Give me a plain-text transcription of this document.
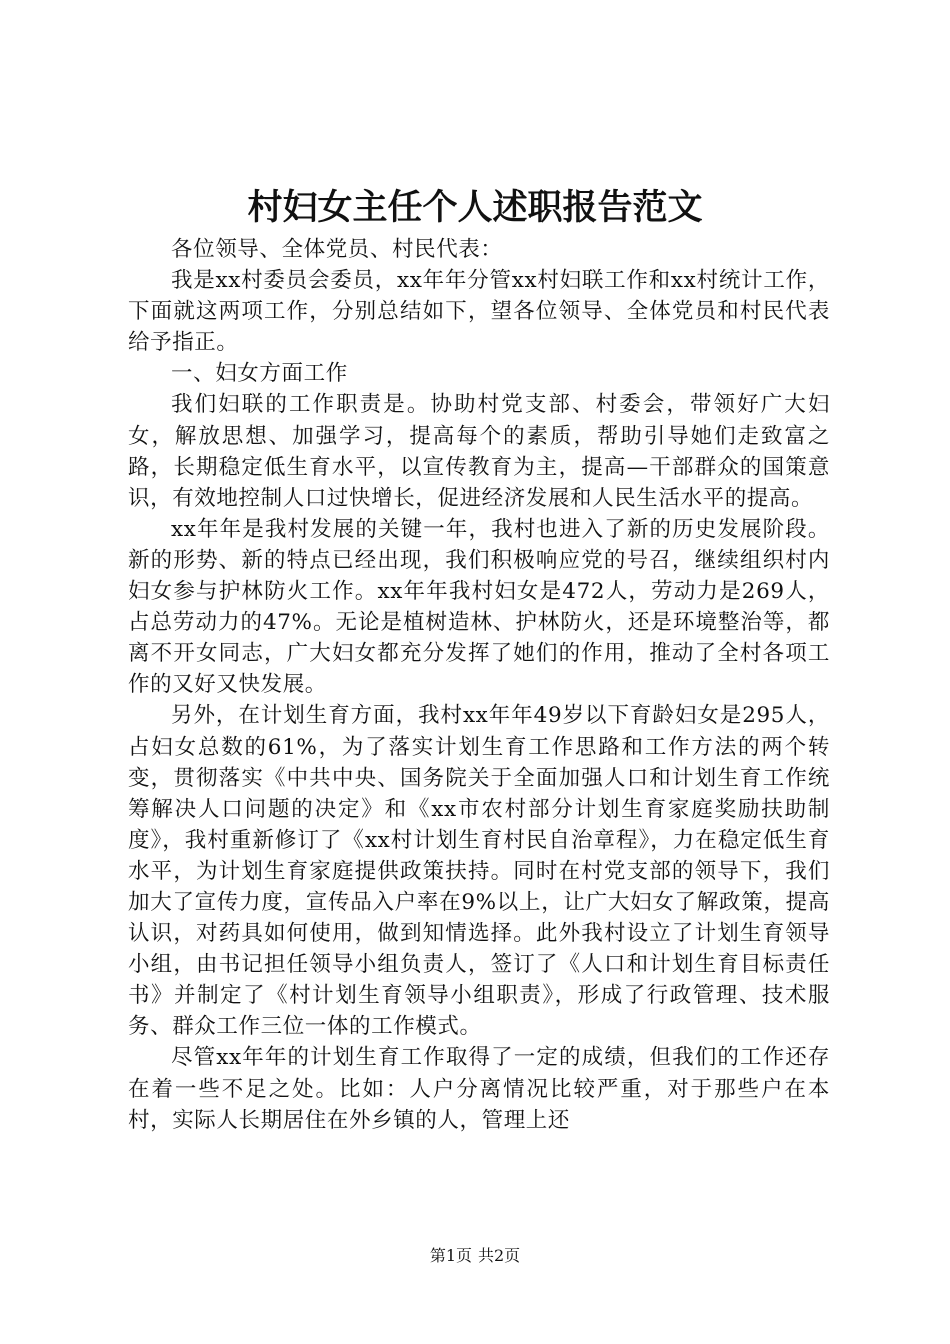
村妇女主任个人述职报告范文

各位领导、全体党员、村民代表：

我是xx村委员会委员，xx年年分管xx村妇联工作和xx村统计工作，下面就这两项工作，分别总结如下，望各位领导、全体党员和村民代表给予指正。

一、妇女方面工作

我们妇联的工作职责是。协助村党支部、村委会，带领好广大妇女，解放思想、加强学习，提高每个的素质，帮助引导她们走致富之路，长期稳定低生育水平，以宣传教育为主，提高—干部群众的国策意识，有效地控制人口过快增长，促进经济发展和人民生活水平的提高。

xx年年是我村发展的关键一年，我村也进入了新的历史发展阶段。新的形势、新的特点已经出现，我们积极响应党的号召，继续组织村内妇女参与护林防火工作。xx年年我村妇女是472人，劳动力是269人，占总劳动力的47%。无论是植树造林、护林防火，还是环境整治等，都离不开女同志，广大妇女都充分发挥了她们的作用，推动了全村各项工作的又好又快发展。

另外，在计划生育方面，我村xx年年49岁以下育龄妇女是295人，占妇女总数的61%，为了落实计划生育工作思路和工作方法的两个转变，贯彻落实《中共中央、国务院关于全面加强人口和计划生育工作统筹解决人口问题的决定》和《xx市农村部分计划生育家庭奖励扶助制度》，我村重新修订了《xx村计划生育村民自治章程》，力在稳定低生育水平，为计划生育家庭提供政策扶持。同时在村党支部的领导下，我们加大了宣传力度，宣传品入户率在9%以上，让广大妇女了解政策，提高认识，对药具如何使用，做到知情选择。此外我村设立了计划生育领导小组，由书记担任领导小组负责人，签订了《人口和计划生育目标责任书》并制定了《村计划生育领导小组职责》，形成了行政管理、技术服务、群众工作三位一体的工作模式。

尽管xx年年的计划生育工作取得了一定的成绩，但我们的工作还存在着一些不足之处。比如：人户分离情况比较严重，对于那些户在本村，实际人长期居住在外乡镇的人，管理上还

第1页 共2页
